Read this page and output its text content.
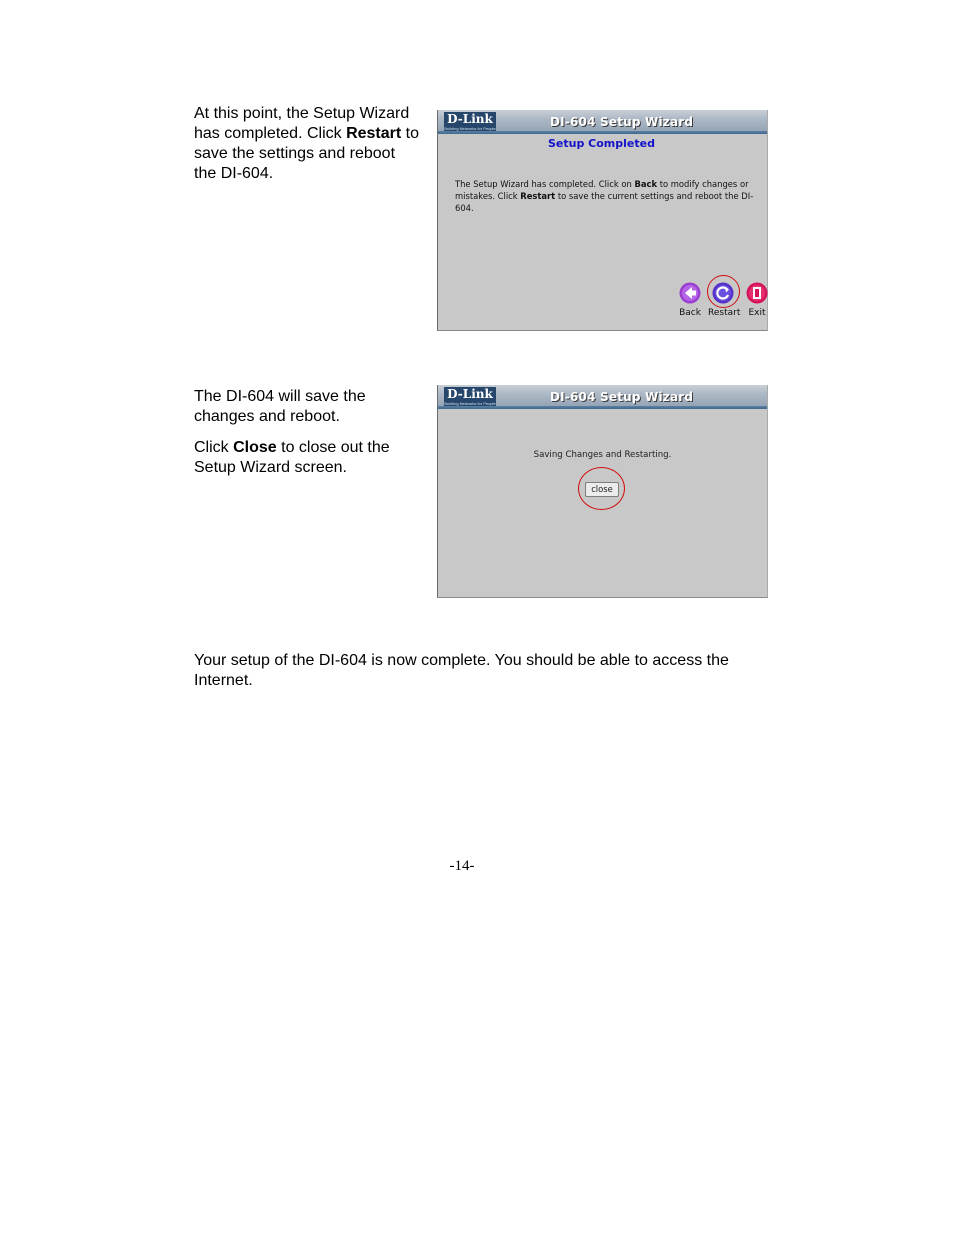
At this point, the Setup Wizard has completed. Click Restart to save the settings and reboot the DI-604.

D-Link
Building Networks for People	DI-604 Setup Wizard
Setup Completed
The Setup Wizard has completed. Click on Back to modify changes or mistakes. Click Restart to save the current settings and reboot the DI-604.
Back Restart Exit

The DI-604 will save the changes and reboot.

Click Close to close out the Setup Wizard screen.

D-Link
Building Networks for People	DI-604 Setup Wizard
Saving Changes and Restarting.
close

Your setup of the DI-604 is now complete. You should be able to access the Internet.

-14-
